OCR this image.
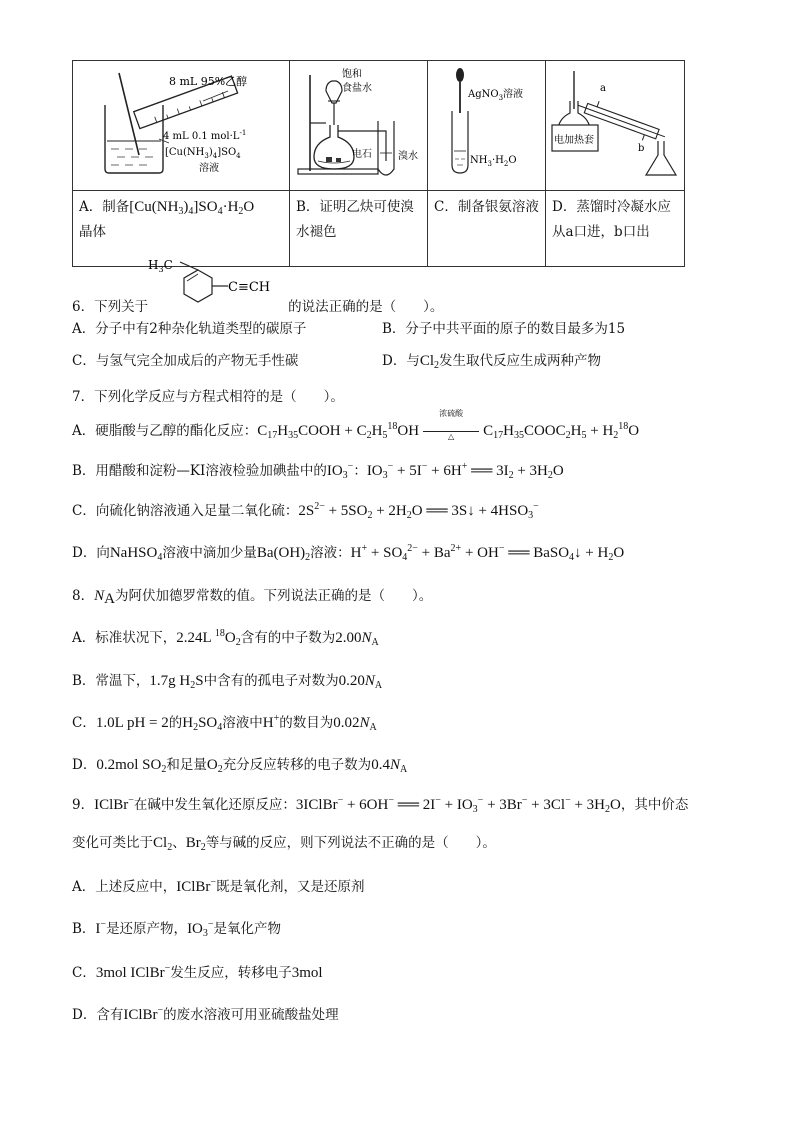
8 mL 95%乙醇
4 mL 0.1 $mol\cdot L^{-1}$
$[Cu(NH_3)_4]SO_4$
溶液	饱和
食盐水
电石 溴水	AgNO$_3$溶液
$NH_3\cdot H_2O$	电加热套
a
b

A．制备$[Cu(NH_3)_4]SO_4\cdot H_2O$
晶体	B．证明乙炔可使溴水褪色	C．制备银氨溶液	D．蒸馏时冷凝水应从a口进，b口出
$H_3C$
C≡CH
6．下列关于	的说法正确的是（　　）。
A．分子中有2种杂化轨道类型的碳原子	B．分子中共平面的原子的数目最多为15
C．与氢气完全加成后的产物无手性碳	D．与$Cl_2$发生取代反应生成两种产物
7．下列化学反应与方程式相符的是（　　）。
A．硬脂酸与乙醇的酯化反应：$C_{17}H_{35}COOH + C_2H_5^{18}OH$
浓硫酸
△	$C_{17}H_{35}COOC_2H_5 + H_2^{18}O$
B．用醋酸和淀粉—KI溶液检验加碘盐中的$IO_3^-$：$IO_3^- + 5I^- + 6H^+$ ══ $3I_2 + 3H_2O$
C．向硫化钠溶液通入足量二氧化硫：$2S^{2-} + 5SO_2 + 2H_2O$ ══ 3S↓ + $4HSO_3^-$
D．向NaHSO$_4$溶液中滴加少量$Ba(OH)_2$溶液：$H^+ + SO_4^{2-} + Ba^{2+} + OH^-$ ══ BaSO$_4$↓ + $H_2O$
8．$N_A$为阿伏加德罗常数的值。下列说法正确的是（　　）。
A．标准状况下，2.24L $^{18}O_2$含有的中子数为$2.00N_A$
B．常温下，1.7g $H_2S$中含有的孤电子对数为$0.20N_A$
C．1.0L pH = 2的$H_2SO_4$溶液中H+的数目为$0.02N_A$
D．0.2mol $SO_2$和足量$O_2$充分反应转移的电子数为$0.4N_A$
9．IClBr−在碱中发生氧化还原反应：3IClBr− + 6OH− ══ $2I^- + IO_3^- + 3Br^- + 3Cl^- + 3H_2O$，其中价态
变化可类比于$Cl_2$、$Br_2$等与碱的反应，则下列说法不正确的是（　　）。
A．上述反应中，IClBr−既是氧化剂，又是还原剂
B．I−是还原产物，$IO_3^-$是氧化产物
C．3mol IClBr−发生反应，转移电子3mol
D．含有IClBr−的废水溶液可用亚硫酸盐处理
